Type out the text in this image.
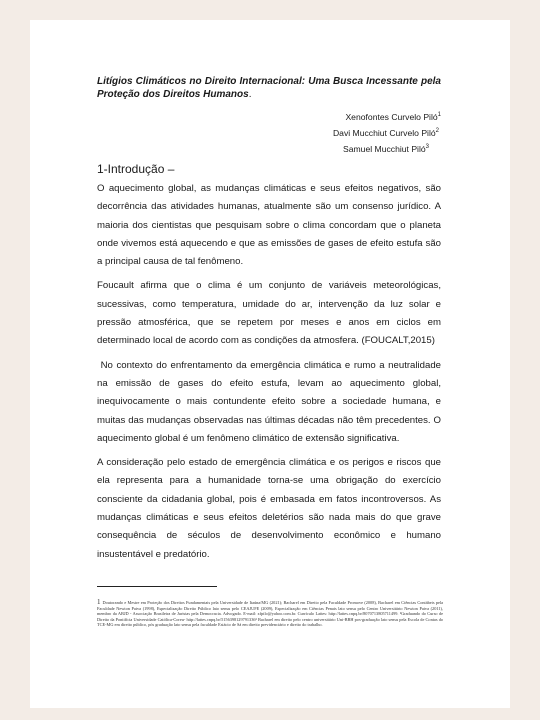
Litígios Climáticos no Direito Internacional: Uma Busca Incessante pela Proteção dos Direitos Humanos.

Xenofontes Curvelo Piló$^1$
Davi Mucchiut Curvelo Piló$^2$
Samuel Mucchiut Piló$^3$
1-Introdução –

O aquecimento global, as mudanças climáticas e seus efeitos negativos, são decorrência das atividades humanas, atualmente são um consenso jurídico. A maioria dos cientistas que pesquisam sobre o clima concordam que o planeta onde vivemos está aquecendo e que as emissões de gases de efeito estufa são a principal causa de tal fenômeno.

Foucault afirma que o clima é um conjunto de variáveis meteorológicas, sucessivas, como temperatura, umidade do ar, intervenção da luz solar e pressão atmosférica, que se repetem por meses e anos em ciclos em determinado local de acordo com as condições da atmosfera. (FOUCALT,2015)

No contexto do enfrentamento da emergência climática e rumo a neutralidade na emissão de gases do efeito estufa, levam ao aquecimento global, inequivocamente o mais contundente efeito sobre a sociedade humana, e muitas das mudanças observadas nas últimas décadas não têm precedentes. O aquecimento global é um fenômeno climático de extensão significativa.

A consideração pelo estado de emergência climática e os perigos e riscos que ela representa para a humanidade torna-se uma obrigação do exercício consciente da cidadania global, pois é embasada em fatos incontroversos. As mudanças climáticas e seus efeitos deletérios são nada mais do que grave consequência de séculos de desenvolvimento econômico e humano insustentável e predatório.

1 Doutorando e Mestre em Proteção dos Direitos Fundamentais pela Universidade de Itaúna/MG (2021); Bacharel em Direito pela Faculdade Promove (2008), Bacharel em Ciências Contábeis pela Faculdade Newton Paiva (1998), Especialização Direito Público lato sensu pelo CEAJUFE (2009), Especialização em Ciências Penais lato sensu pelo Centro Universitário Newton Paiva (2011), membro da ABJD - Associação Brasileira de Juristas pela Democracia. Advogado. E-mail: xfpilo@yahoo.com.br. Currículo Lattes: http://lattes.cnpq.br/8070713805711499. ²Graduando do Curso de Direito da Pontifícia Universidade Católica-Coreu- http://lattes.cnpq.br/5156398129791336³ Bacharel em direito pelo centro universitário Uni-BBH pos-graduação lato sensu pela Escola de Contas do TCE-MG em direito público, pós graduação lato sensu pela faculdade Estácio de Sá em direito previdenciário e direito do trabalho.
